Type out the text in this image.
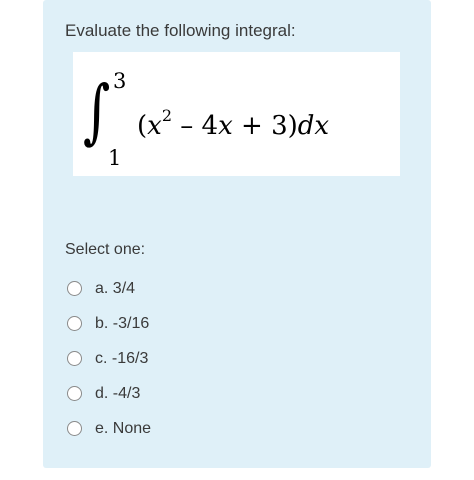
Evaluate the following integral:
∫ 3
1
$(x^2 - 4x + 3)dx$
Select one:
a. 3/4
b. -3/16
c. -16/3
d. -4/3
e. None
